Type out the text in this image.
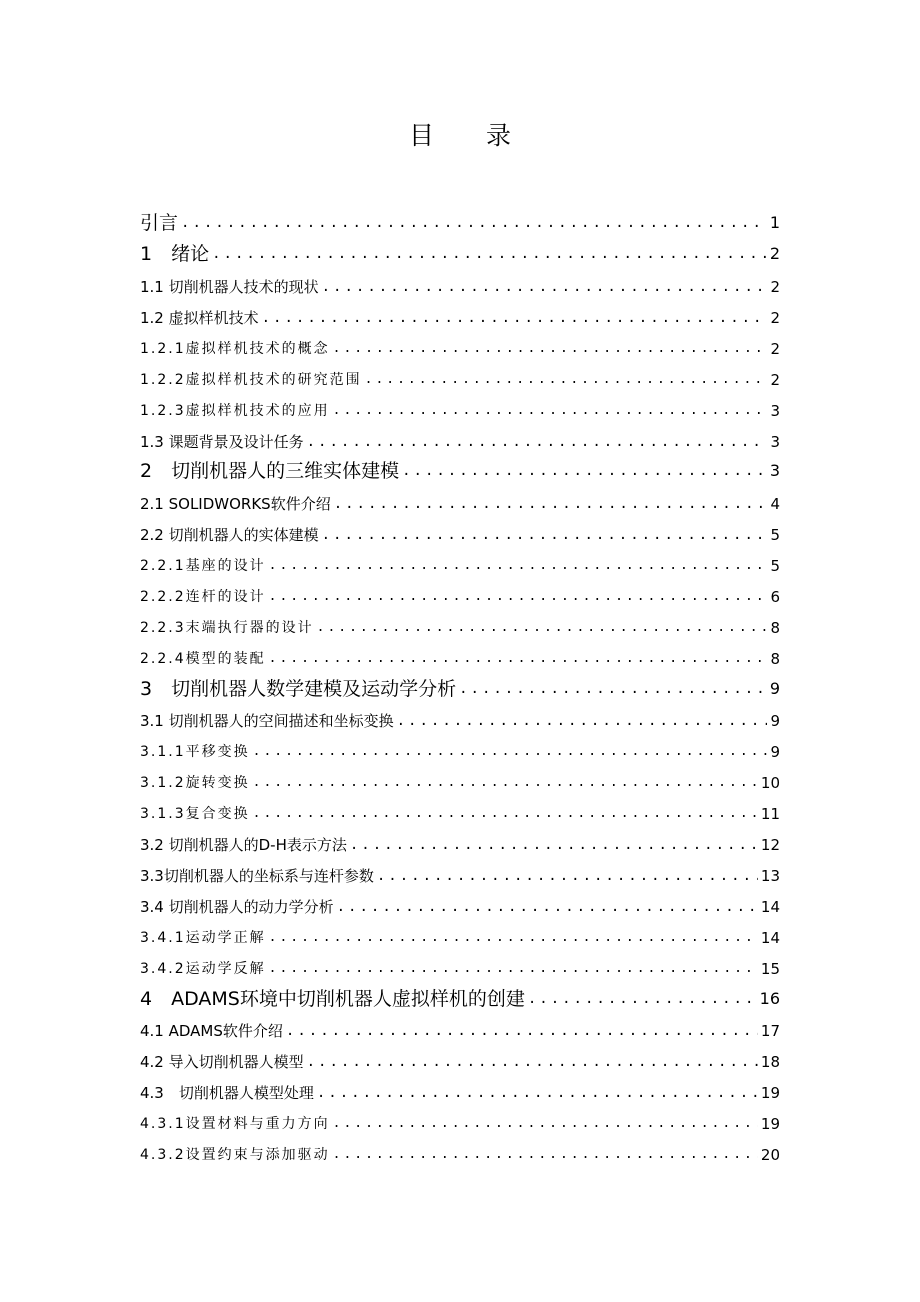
目 录
引言 .....	1
1　绪论 .....	2
1.1 切削机器人技术的现状 .....	2
1.2 虚拟样机技术 .....	2
1.2.1虚拟样机技术的概念 .....	2
1.2.2虚拟样机技术的研究范围 .....	2
1.2.3虚拟样机技术的应用 .....	3
1.3 课题背景及设计任务 .....	3
2　切削机器人的三维实体建模 .....	3
2.1 SOLIDWORKS软件介绍 .....	4
2.2 切削机器人的实体建模 .....	5
2.2.1基座的设计 .....	5
2.2.2连杆的设计 .....	6
2.2.3末端执行器的设计 .....	8
2.2.4模型的装配 .....	8
3　切削机器人数学建模及运动学分析 .....	9
3.1 切削机器人的空间描述和坐标变换 .....	9
3.1.1平移变换 .....	9
3.1.2旋转变换 .....	10
3.1.3复合变换 .....	11
3.2 切削机器人的D-H表示方法 .....	12
3.3切削机器人的坐标系与连杆参数 .....	13
3.4 切削机器人的动力学分析 .....	14
3.4.1运动学正解 .....	14
3.4.2运动学反解 .....	15
4　ADAMS环境中切削机器人虚拟样机的创建 .....	16
4.1 ADAMS软件介绍 .....	17
4.2 导入切削机器人模型 .....	18
4.3　切削机器人模型处理 .....	19
4.3.1设置材料与重力方向 .....	19
4.3.2设置约束与添加驱动 .....	20
